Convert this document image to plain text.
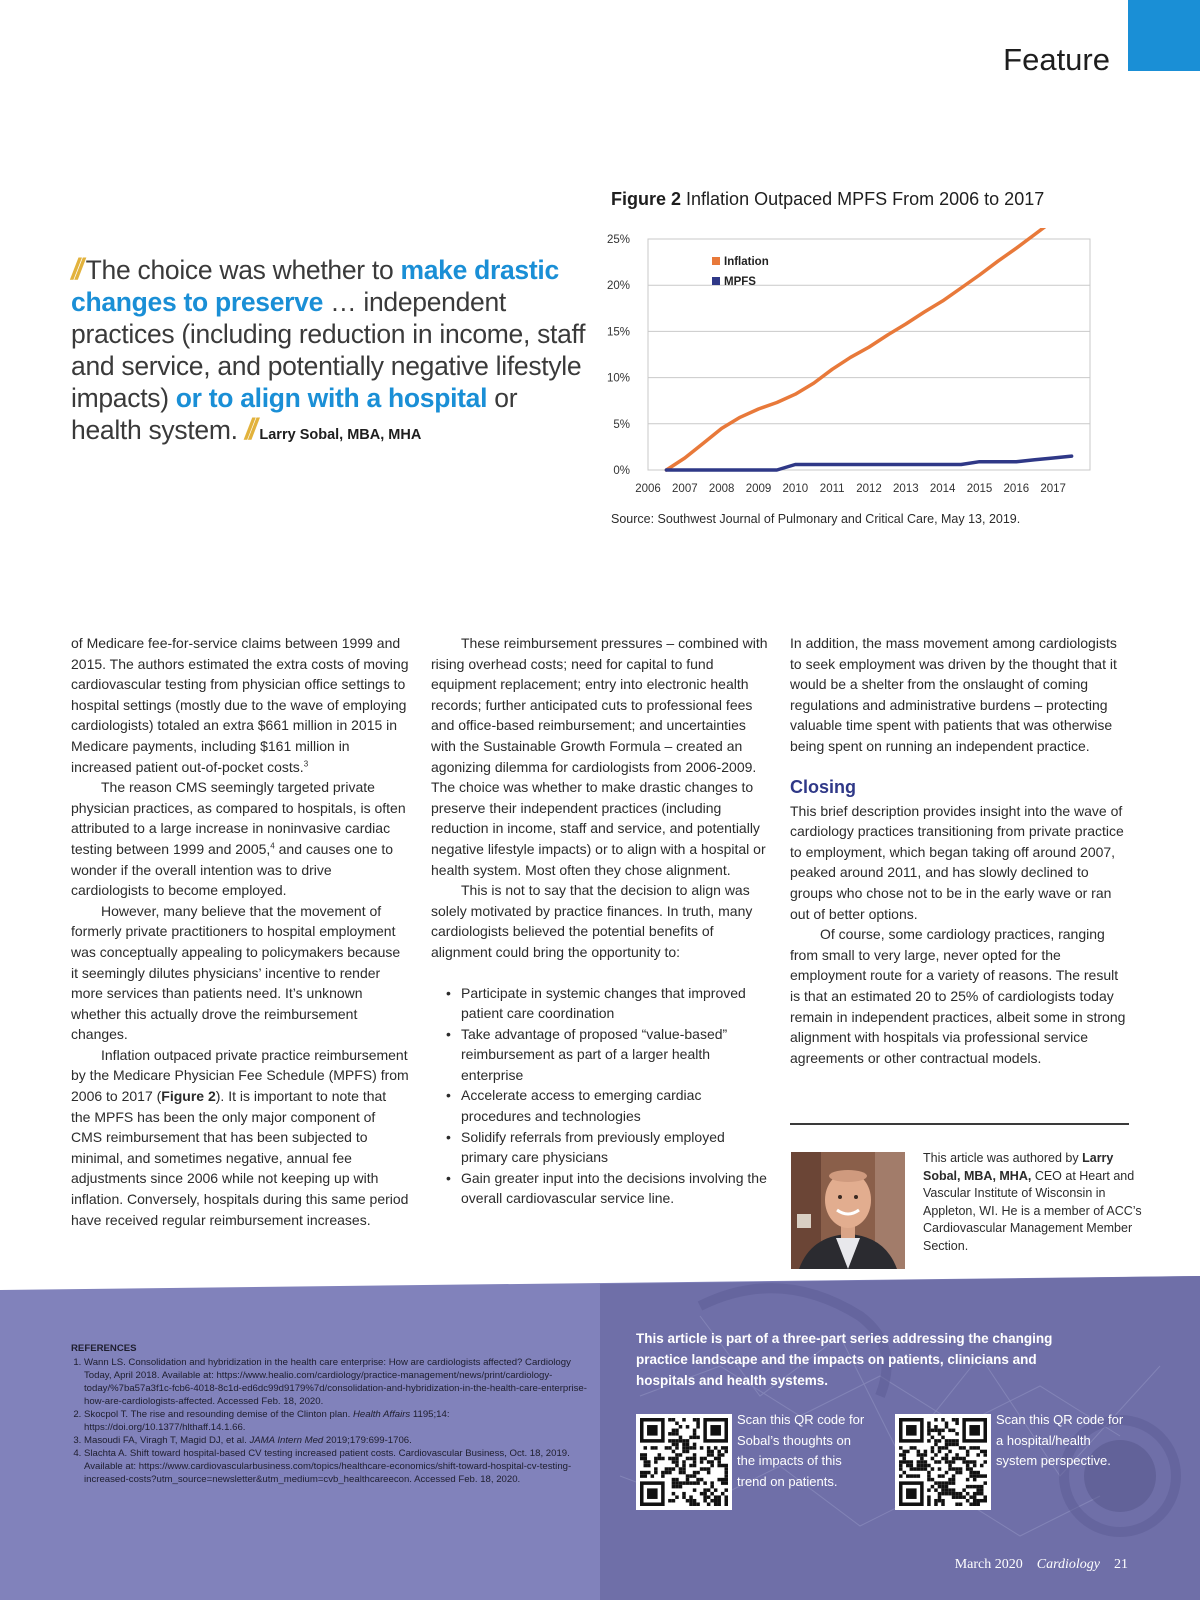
Feature
// The choice was whether to make drastic changes to preserve … independent practices (including reduction in income, staff and service, and potentially negative lifestyle impacts) or to align with a hospital or health system. // Larry Sobal, MBA, MHA
Figure 2 Inflation Outpaced MPFS From 2006 to 2017
0%
5%
10%
15%
20%
25%
2006 2007 2008 2009 2010 2011 2012 2013 2014 2015 2016 2017
Inflation
MPFS
Source: Southwest Journal of Pulmonary and Critical Care, May 13, 2019.

of Medicare fee-for-service claims between 1999 and 2015. The authors estimated the extra costs of moving cardiovascular testing from physician office settings to hospital settings (mostly due to the wave of employing cardiologists) totaled an extra $661 million in 2015 in Medicare payments, including $161 million in increased patient out-of-pocket costs.$^3$

The reason CMS seemingly targeted private physician practices, as compared to hospitals, is often attributed to a large increase in noninvasive cardiac testing between 1999 and 2005,$^4$ and causes one to wonder if the overall intention was to drive cardiologists to become employed.

However, many believe that the movement of formerly private practitioners to hospital employment was conceptually appealing to policymakers because it seemingly dilutes physicians’ incentive to render more services than patients need. It’s unknown whether this actually drove the reimbursement changes.

Inflation outpaced private practice reimbursement by the Medicare Physician Fee Schedule (MPFS) from 2006 to 2017 (Figure 2). It is important to note that the MPFS has been the only major component of CMS reimbursement that has been subjected to minimal, and sometimes negative, annual fee adjustments since 2006 while not keeping up with inflation. Conversely, hospitals during this same period have received regular reimbursement increases.

These reimbursement pressures – combined with rising overhead costs; need for capital to fund equipment replacement; entry into electronic health records; further anticipated cuts to professional fees and office-based reimbursement; and uncertainties with the Sustainable Growth Formula – created an agonizing dilemma for cardiologists from 2006-2009. The choice was whether to make drastic changes to preserve their independent practices (including reduction in income, staff and service, and potentially negative lifestyle impacts) or to align with a hospital or health system. Most often they chose alignment.

This is not to say that the decision to align was solely motivated by practice finances. In truth, many cardiologists believed the potential benefits of alignment could bring the opportunity to:

• Participate in systemic changes that improved patient care coordination
• Take advantage of proposed “value-based” reimbursement as part of a larger health enterprise
• Accelerate access to emerging cardiac procedures and technologies
• Solidify referrals from previously employed primary care physicians
• Gain greater input into the decisions involving the overall cardiovascular service line.

In addition, the mass movement among cardiologists to seek employment was driven by the thought that it would be a shelter from the onslaught of coming regulations and administrative burdens – protecting valuable time spent with patients that was otherwise being spent on running an independent practice.

Closing

This brief description provides insight into the wave of cardiology practices transitioning from private practice to employment, which began taking off around 2007, peaked around 2011, and has slowly declined to groups who chose not to be in the early wave or ran out of better options.

Of course, some cardiology practices, ranging from small to very large, never opted for the employment route for a variety of reasons. The result is that an estimated 20 to 25% of cardiologists today remain in independent practices, albeit some in strong alignment with hospitals via professional service agreements or other contractual models.

This article was authored by Larry Sobal, MBA, MHA, CEO at Heart and Vascular Institute of Wisconsin in Appleton, WI. He is a member of ACC’s Cardiovascular Management Member Section.
REFERENCES
1. Wann LS. Consolidation and hybridization in the health care enterprise: How are cardiologists affected? Cardiology Today, April 2018. Available at: https://www.healio.com/cardiology/practice-management/news/print/cardiology-today/%7ba57a3f1c-fcb6-4018-8c1d-ed6dc99d9179%7d/consolidation-and-hybridization-in-the-health-care-enterprise-how-are-cardiologists-affected. Accessed Feb. 18, 2020.
2. Skocpol T. The rise and resounding demise of the Clinton plan. Health Affairs 1195;14: https://doi.org/10.1377/hlthaff.14.1.66.
3. Masoudi FA, Viragh T, Magid DJ, et al. JAMA Intern Med 2019;179:699-1706.
4. Slachta A. Shift toward hospital-based CV testing increased patient costs. Cardiovascular Business, Oct. 18, 2019. Available at: https://www.cardiovascularbusiness.com/topics/healthcare-economics/shift-toward-hospital-cv-testing-increased-costs?utm_source=newsletter&utm_medium=cvb_healthcareecon. Accessed Feb. 18, 2020.
This article is part of a three-part series addressing the changing practice landscape and the impacts on patients, clinicians and hospitals and health systems.
Scan this QR code for Sobal’s thoughts on the impacts of this trend on patients.
Scan this QR code for a hospital/health system perspective.
March 2020 Cardiology 21
